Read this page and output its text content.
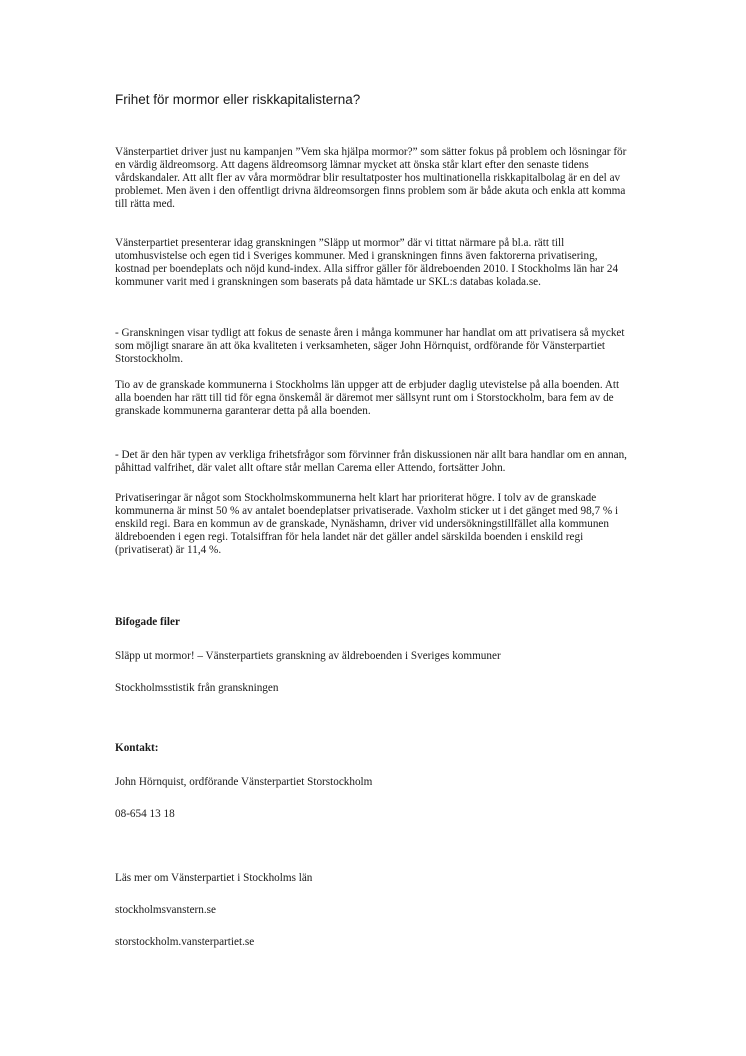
Frihet för mormor eller riskkapitalisterna?

Vänsterpartiet driver just nu kampanjen ”Vem ska hjälpa mormor?” som sätter fokus på problem och lösningar för en värdig äldreomsorg. Att dagens äldreomsorg lämnar mycket att önska står klart efter den senaste tidens vårdskandaler. Att allt fler av våra mormödrar blir resultatposter hos multinationella riskkapitalbolag är en del av problemet. Men även i den offentligt drivna äldreomsorgen finns problem som är både akuta och enkla att komma till rätta med.

Vänsterpartiet presenterar idag granskningen ”Släpp ut mormor” där vi tittat närmare på bl.a. rätt till utomhusvistelse och egen tid i Sveriges kommuner. Med i granskningen finns även faktorerna privatisering, kostnad per boendeplats och nöjd kund-index. Alla siffror gäller för äldreboenden 2010. I Stockholms län har 24 kommuner varit med i granskningen som baserats på data hämtade ur SKL:s databas kolada.se.

- Granskningen visar tydligt att fokus de senaste åren i många kommuner har handlat om att privatisera så mycket som möjligt snarare än att öka kvaliteten i verksamheten, säger John Hörnquist, ordförande för Vänsterpartiet Storstockholm.

Tio av de granskade kommunerna i Stockholms län uppger att de erbjuder daglig utevistelse på alla boenden. Att alla boenden har rätt till tid för egna önskemål är däremot mer sällsynt runt om i Storstockholm, bara fem av de granskade kommunerna garanterar detta på alla boenden.

- Det är den här typen av verkliga frihetsfrågor som förvinner från diskussionen när allt bara handlar om en annan, påhittad valfrihet, där valet allt oftare står mellan Carema eller Attendo, fortsätter John.

Privatiseringar är något som Stockholmskommunerna helt klart har prioriterat högre. I tolv av de granskade kommunerna är minst 50 % av antalet boendeplatser privatiserade. Vaxholm sticker ut i det gänget med 98,7 % i enskild regi. Bara en kommun av de granskade, Nynäshamn, driver vid undersökningstillfället alla kommunen äldreboenden i egen regi. Totalsiffran för hela landet när det gäller andel särskilda boenden i enskild regi (privatiserat) är 11,4 %.

Bifogade filer

Släpp ut mormor! – Vänsterpartiets granskning av äldreboenden i Sveriges kommuner

Stockholmsstistik från granskningen

Kontakt:

John Hörnquist, ordförande Vänsterpartiet Storstockholm

08-654 13 18

Läs mer om Vänsterpartiet i Stockholms län

stockholmsvanstern.se

storstockholm.vansterpartiet.se
